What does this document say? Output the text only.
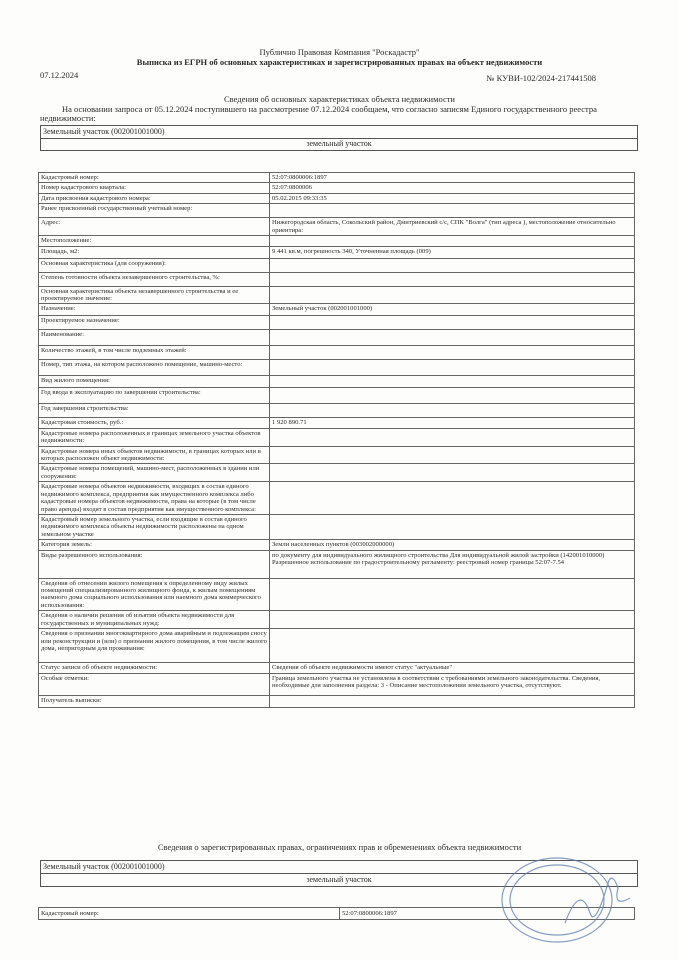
Публично Правовая Компания "Роскадастр"
Выписка из ЕГРН об основных характеристиках и зарегистрированных правах на объект недвижимости
07.12.2024	№ КУВИ-102/2024-217441508
Сведения об основных характеристиках объекта недвижимости
На основании запроса от 05.12.2024 поступившего на рассмотрение 07.12.2024 сообщаем, что согласно записям Единого государственного реестра недвижимости:
Земельный участок (002001001000)
земельный участок
Кадастровый номер:	52:07:0800006:1897
Номер кадастрового квартала:	52:07:0800006
Дата присвоения кадастрового номера:	05.02.2015 09:33:35
Ранее присвоенный государственный учетный номер:	
Адрес:	Нижегородская область, Сокольский район, Дмитриевский с/с, СПК "Волга" (тип адреса ), местоположение относительно ориентира:
Местоположение:	
Площадь, м2:	9 441 кв.м, погрешность 340, Уточненная площадь (009)
Основная характеристика (для сооружения):	
Степень готовности объекта незавершенного строительства, %:	
Основная характеристика объекта незавершенного строительства и ее проектируемое значение:	
Назначение:	Земельный участок (002001001000)
Проектируемое назначение:	
Наименование:	
Количество этажей, в том числе подземных этажей:	
Номер, тип этажа, на котором расположено помещение, машино-место:	
Вид жилого помещения:	
Год ввода в эксплуатацию по завершении строительства:	
Год завершения строительства:	
Кадастровая стоимость, руб.:	1 920 890.71
Кадастровые номера расположенных в границах земельного участка объектов недвижимости:	
Кадастровые номера иных объектов недвижимости, в границах которых или в которых расположен объект недвижимости:	
Кадастровые номера помещений, машино-мест, расположенных в здании или сооружении:	
Кадастровые номера объектов недвижимости, входящих в состав единого недвижимого комплекса, предприятия как имущественного комплекса либо кадастровые номера объектов недвижимости, права на которые (в том числе право аренды) входят в состав предприятия как имущественного комплекса:	
Кадастровый номер земельного участка, если входящие в состав единого недвижимого комплекса объекты недвижимости расположены на одном земельном участке	
Категория земель:	Земли населенных пунктов (003002000000)
Виды разрешенного использования:	по документу для индивидуального жилищного строительства Для индивидуальной жилой застройки (142001010000)
Разрешенное использование по градостроительному регламенту: реестровый номер границы 52:07-7.54
Сведения об отнесении жилого помещения к определенному виду жилых помещений специализированного жилищного фонда, к жилым помещениям наемного дома социального использования или наемного дома коммерческого использования:	
Сведения о наличии решения об изъятии объекта недвижимости для государственных и муниципальных нужд:	
Сведения о признании многоквартирного дома аварийным и подлежащим сносу или реконструкции и (или) о признании жилого помещения, в том числе жилого дома, непригодным для проживания:	
Статус записи об объекте недвижимости:	Сведения об объекте недвижимости имеют статус "актуальные"
Особые отметки:	Граница земельного участка не установлена в соответствии с требованиями земельного законодательства. Сведения, необходимые для заполнения раздела: 3 - Описание местоположения земельного участка, отсутствуют.
Получатель выписки:	
Сведения о зарегистрированных правах, ограничениях прав и обременениях объекта недвижимости
Земельный участок (002001001000)
земельный участок
Кадастровый номер:	52:07:0800006:1897
